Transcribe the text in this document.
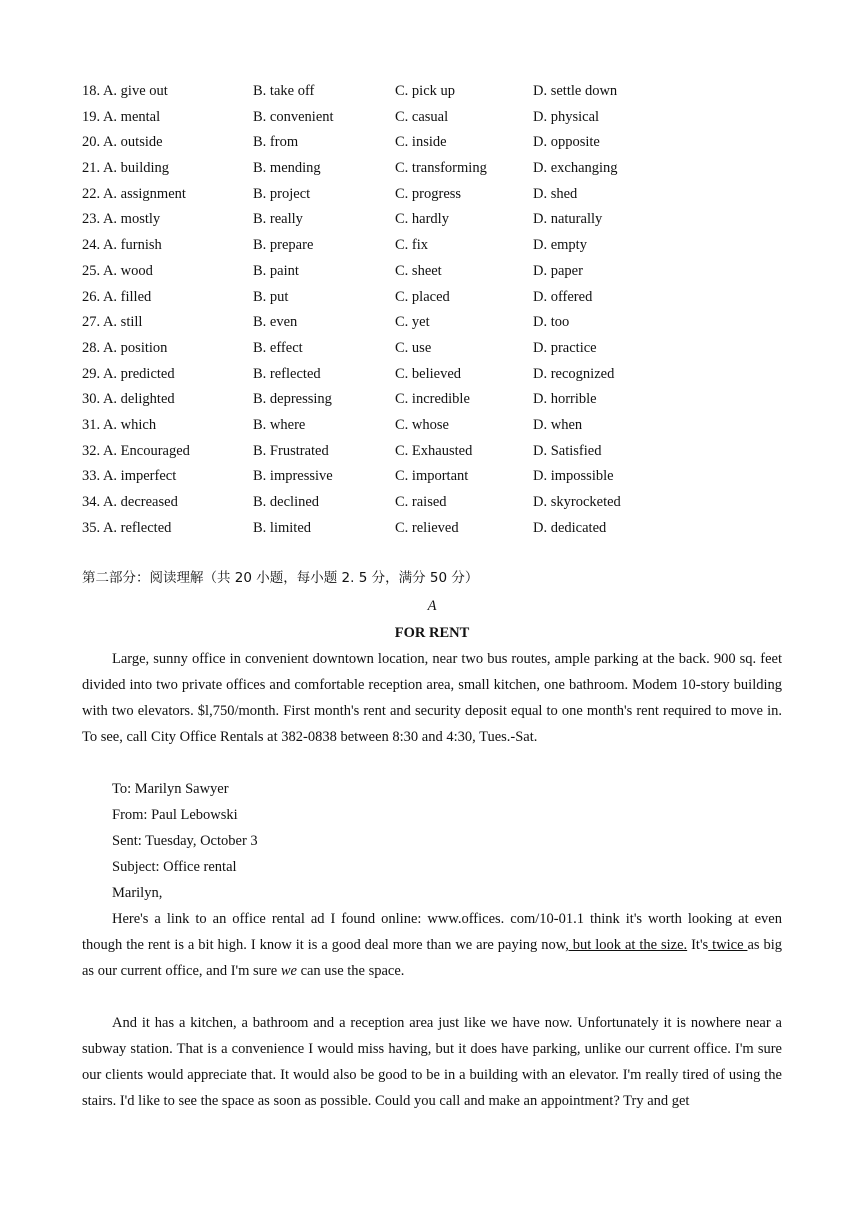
18. A. give out	B. take off	C. pick up	D. settle down
19. A. mental	B. convenient	C. casual	D. physical
20. A. outside	B. from	C. inside	D. opposite
21. A. building	B. mending	C. transforming	D. exchanging
22. A. assignment	B. project	C. progress	D. shed
23. A. mostly	B. really	C. hardly	D. naturally
24. A. furnish	B. prepare	C. fix	D. empty
25. A. wood	B. paint	C. sheet	D. paper
26. A. filled	B. put	C. placed	D. offered
27. A. still	B. even	C. yet	D. too
28. A. position	B. effect	C. use	D. practice
29. A. predicted	B. reflected	C. believed	D. recognized
30. A. delighted	B. depressing	C. incredible	D. horrible
31. A. which	B. where	C. whose	D. when
32. A. Encouraged	B. Frustrated	C. Exhausted	D. Satisfied
33. A. imperfect	B. impressive	C. important	D. impossible
34. A. decreased	B. declined	C. raised	D. skyrocketed
35. A. reflected	B. limited	C. relieved	D. dedicated
第二部分：阅读理解（共 20 小题，每小题 2. 5 分，满分 50 分）
A
FOR RENT

Large, sunny office in convenient downtown location, near two bus routes, ample parking at the back. 900 sq. feet divided into two private offices and comfortable reception area, small kitchen, one bathroom. Modem 10-story building with two elevators. $l,750/month. First month's rent and security deposit equal to one month's rent required to move in. To see, call City Office Rentals at 382-0838 between 8:30 and 4:30, Tues.-Sat.

To: Marilyn Sawyer
From: Paul Lebowski
Sent: Tuesday, October 3
Subject: Office rental
Marilyn,

Here's a link to an office rental ad I found online: www.offices. com/10-01.1 think it's worth looking at even though the rent is a bit high. I know it is a good deal more than we are paying now, but look at the size. It's twice as big as our current office, and I'm sure we can use the space.

And it has a kitchen, a bathroom and a reception area just like we have now. Unfortunately it is nowhere near a subway station. That is a convenience I would miss having, but it does have parking, unlike our current office. I'm sure our clients would appreciate that. It would also be good to be in a building with an elevator. I'm really tired of using the stairs. I'd like to see the space as soon as possible. Could you call and make an appointment? Try and get
